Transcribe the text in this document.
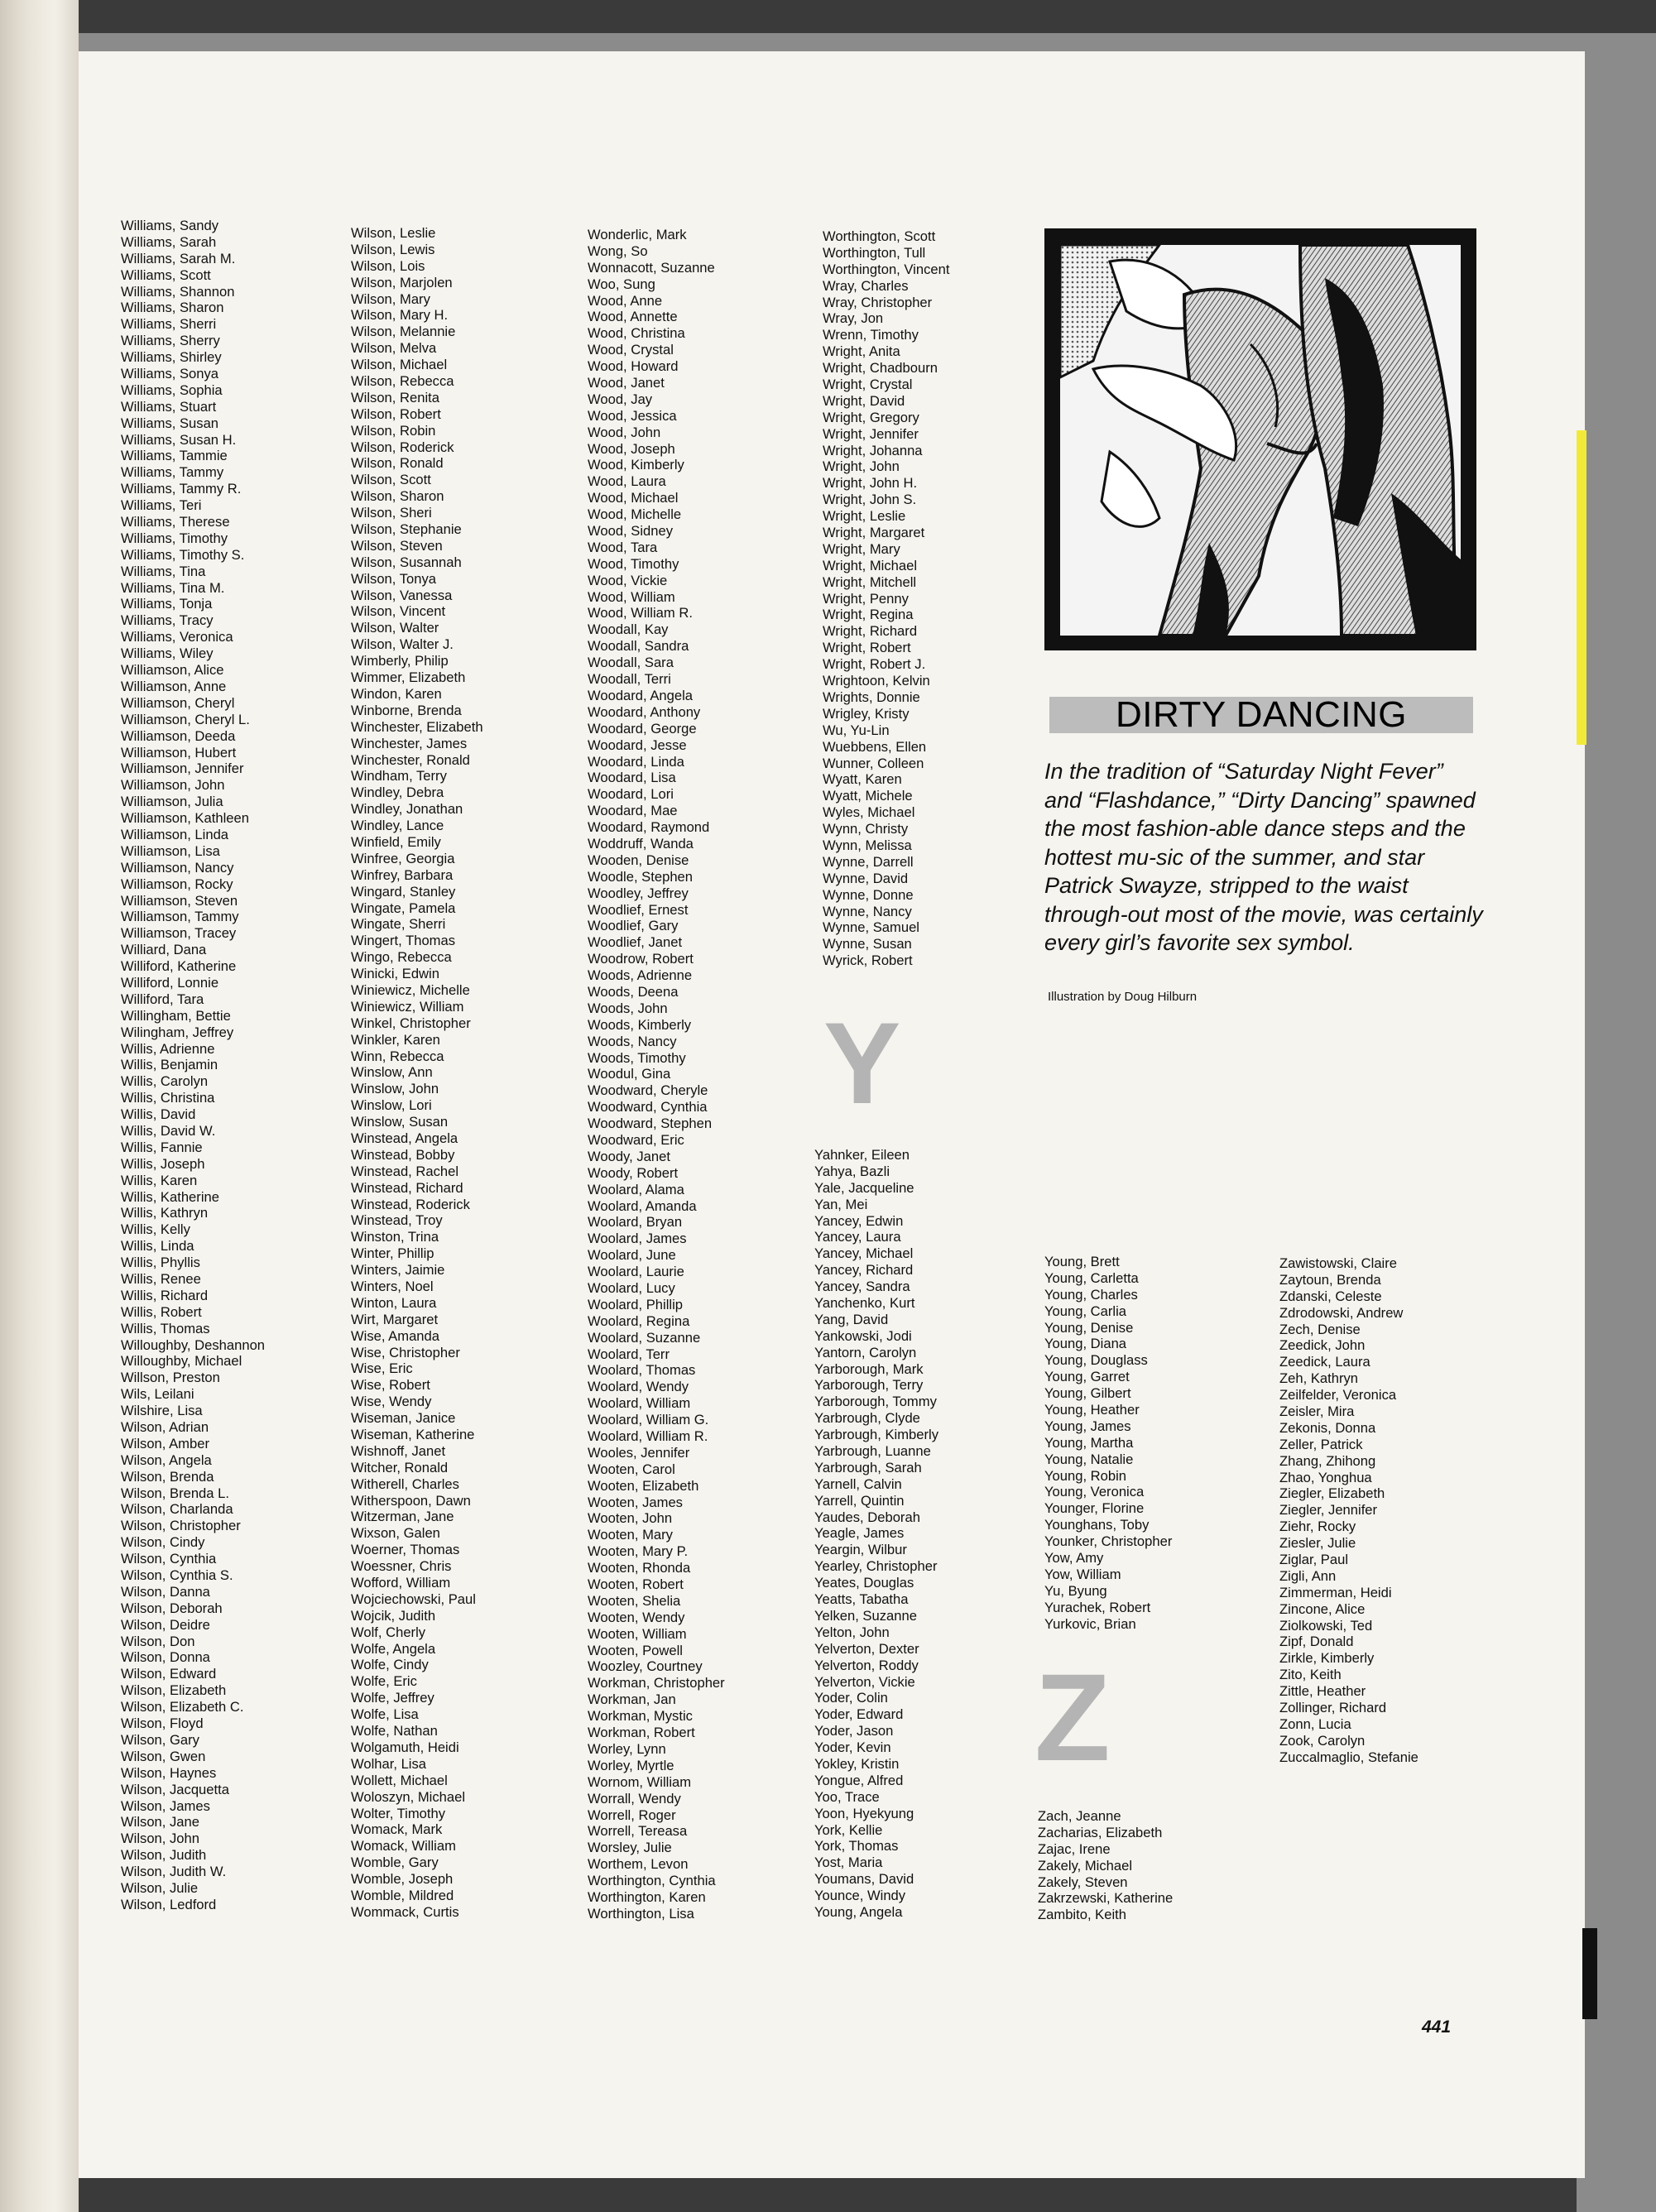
Williams, Sandy
Williams, Sarah
Williams, Sarah M.
Williams, Scott
Williams, Shannon
Williams, Sharon
Williams, Sherri
Williams, Sherry
Williams, Shirley
Williams, Sonya
Williams, Sophia
Williams, Stuart
Williams, Susan
Williams, Susan H.
Williams, Tammie
Williams, Tammy
Williams, Tammy R.
Williams, Teri
Williams, Therese
Williams, Timothy
Williams, Timothy S.
Williams, Tina
Williams, Tina M.
Williams, Tonja
Williams, Tracy
Williams, Veronica
Williams, Wiley
Williamson, Alice
Williamson, Anne
Williamson, Cheryl
Williamson, Cheryl L.
Williamson, Deeda
Williamson, Hubert
Williamson, Jennifer
Williamson, John
Williamson, Julia
Williamson, Kathleen
Williamson, Linda
Williamson, Lisa
Williamson, Nancy
Williamson, Rocky
Williamson, Steven
Williamson, Tammy
Williamson, Tracey
Williard, Dana
Williford, Katherine
Williford, Lonnie
Williford, Tara
Willingham, Bettie
Wilingham, Jeffrey
Willis, Adrienne
Willis, Benjamin
Willis, Carolyn
Willis, Christina
Willis, David
Willis, David W.
Willis, Fannie
Willis, Joseph
Willis, Karen
Willis, Katherine
Willis, Kathryn
Willis, Kelly
Willis, Linda
Willis, Phyllis
Willis, Renee
Willis, Richard
Willis, Robert
Willis, Thomas
Willoughby, Deshannon
Willoughby, Michael
Willson, Preston
Wils, Leilani
Wilshire, Lisa
Wilson, Adrian
Wilson, Amber
Wilson, Angela
Wilson, Brenda
Wilson, Brenda L.
Wilson, Charlanda
Wilson, Christopher
Wilson, Cindy
Wilson, Cynthia
Wilson, Cynthia S.
Wilson, Danna
Wilson, Deborah
Wilson, Deidre
Wilson, Don
Wilson, Donna
Wilson, Edward
Wilson, Elizabeth
Wilson, Elizabeth C.
Wilson, Floyd
Wilson, Gary
Wilson, Gwen
Wilson, Haynes
Wilson, Jacquetta
Wilson, James
Wilson, Jane
Wilson, John
Wilson, Judith
Wilson, Judith W.
Wilson, Julie
Wilson, Ledford
Wilson, Leslie
Wilson, Lewis
Wilson, Lois
Wilson, Marjolen
Wilson, Mary
Wilson, Mary H.
Wilson, Melannie
Wilson, Melva
Wilson, Michael
Wilson, Rebecca
Wilson, Renita
Wilson, Robert
Wilson, Robin
Wilson, Roderick
Wilson, Ronald
Wilson, Scott
Wilson, Sharon
Wilson, Sheri
Wilson, Stephanie
Wilson, Steven
Wilson, Susannah
Wilson, Tonya
Wilson, Vanessa
Wilson, Vincent
Wilson, Walter
Wilson, Walter J.
Wimberly, Philip
Wimmer, Elizabeth
Windon, Karen
Winborne, Brenda
Winchester, Elizabeth
Winchester, James
Winchester, Ronald
Windham, Terry
Windley, Debra
Windley, Jonathan
Windley, Lance
Winfield, Emily
Winfree, Georgia
Winfrey, Barbara
Wingard, Stanley
Wingate, Pamela
Wingate, Sherri
Wingert, Thomas
Wingo, Rebecca
Winicki, Edwin
Winiewicz, Michelle
Winiewicz, William
Winkel, Christopher
Winkler, Karen
Winn, Rebecca
Winslow, Ann
Winslow, John
Winslow, Lori
Winslow, Susan
Winstead, Angela
Winstead, Bobby
Winstead, Rachel
Winstead, Richard
Winstead, Roderick
Winstead, Troy
Winston, Trina
Winter, Phillip
Winters, Jaimie
Winters, Noel
Winton, Laura
Wirt, Margaret
Wise, Amanda
Wise, Christopher
Wise, Eric
Wise, Robert
Wise, Wendy
Wiseman, Janice
Wiseman, Katherine
Wishnoff, Janet
Witcher, Ronald
Witherell, Charles
Witherspoon, Dawn
Witzerman, Jane
Wixson, Galen
Woerner, Thomas
Woessner, Chris
Wofford, William
Wojciechowski, Paul
Wojcik, Judith
Wolf, Cherly
Wolfe, Angela
Wolfe, Cindy
Wolfe, Eric
Wolfe, Jeffrey
Wolfe, Lisa
Wolfe, Nathan
Wolgamuth, Heidi
Wolhar, Lisa
Wollett, Michael
Woloszyn, Michael
Wolter, Timothy
Womack, Mark
Womack, William
Womble, Gary
Womble, Joseph
Womble, Mildred
Wommack, Curtis
Wonderlic, Mark
Wong, So
Wonnacott, Suzanne
Woo, Sung
Wood, Anne
Wood, Annette
Wood, Christina
Wood, Crystal
Wood, Howard
Wood, Janet
Wood, Jay
Wood, Jessica
Wood, John
Wood, Joseph
Wood, Kimberly
Wood, Laura
Wood, Michael
Wood, Michelle
Wood, Sidney
Wood, Tara
Wood, Timothy
Wood, Vickie
Wood, William
Wood, William R.
Woodall, Kay
Woodall, Sandra
Woodall, Sara
Woodall, Terri
Woodard, Angela
Woodard, Anthony
Woodard, George
Woodard, Jesse
Woodard, Linda
Woodard, Lisa
Woodard, Lori
Woodard, Mae
Woodard, Raymond
Woddruff, Wanda
Wooden, Denise
Woodle, Stephen
Woodley, Jeffrey
Woodlief, Ernest
Woodlief, Gary
Woodlief, Janet
Woodrow, Robert
Woods, Adrienne
Woods, Deena
Woods, John
Woods, Kimberly
Woods, Nancy
Woods, Timothy
Woodul, Gina
Woodward, Cheryle
Woodward, Cynthia
Woodward, Stephen
Woodward, Eric
Woody, Janet
Woody, Robert
Woolard, Alama
Woolard, Amanda
Woolard, Bryan
Woolard, James
Woolard, June
Woolard, Laurie
Woolard, Lucy
Woolard, Phillip
Woolard, Regina
Woolard, Suzanne
Woolard, Terr
Woolard, Thomas
Woolard, Wendy
Woolard, William
Woolard, William G.
Woolard, William R.
Wooles, Jennifer
Wooten, Carol
Wooten, Elizabeth
Wooten, James
Wooten, John
Wooten, Mary
Wooten, Mary P.
Wooten, Rhonda
Wooten, Robert
Wooten, Shelia
Wooten, Wendy
Wooten, William
Wooten, Powell
Woozley, Courtney
Workman, Christopher
Workman, Jan
Workman, Mystic
Workman, Robert
Worley, Lynn
Worley, Myrtle
Wornom, William
Worrall, Wendy
Worrell, Roger
Worrell, Tereasa
Worsley, Julie
Worthem, Levon
Worthington, Cynthia
Worthington, Karen
Worthington, Lisa
Worthington, Scott
Worthington, Tull
Worthington, Vincent
Wray, Charles
Wray, Christopher
Wray, Jon
Wrenn, Timothy
Wright, Anita
Wright, Chadbourn
Wright, Crystal
Wright, David
Wright, Gregory
Wright, Jennifer
Wright, Johanna
Wright, John
Wright, John H.
Wright, John S.
Wright, Leslie
Wright, Margaret
Wright, Mary
Wright, Michael
Wright, Mitchell
Wright, Penny
Wright, Regina
Wright, Richard
Wright, Robert
Wright, Robert J.
Wrightoon, Kelvin
Wrights, Donnie
Wrigley, Kristy
Wu, Yu-Lin
Wuebbens, Ellen
Wunner, Colleen
Wyatt, Karen
Wyatt, Michele
Wyles, Michael
Wynn, Christy
Wynn, Melissa
Wynne, Darrell
Wynne, David
Wynne, Donne
Wynne, Nancy
Wynne, Samuel
Wynne, Susan
Wyrick, Robert
Y
Yahnker, Eileen
Yahya, Bazli
Yale, Jacqueline
Yan, Mei
Yancey, Edwin
Yancey, Laura
Yancey, Michael
Yancey, Richard
Yancey, Sandra
Yanchenko, Kurt
Yang, David
Yankowski, Jodi
Yantorn, Carolyn
Yarborough, Mark
Yarborough, Terry
Yarborough, Tommy
Yarbrough, Clyde
Yarbrough, Kimberly
Yarbrough, Luanne
Yarbrough, Sarah
Yarnell, Calvin
Yarrell, Quintin
Yaudes, Deborah
Yeagle, James
Yeargin, Wilbur
Yearley, Christopher
Yeates, Douglas
Yeatts, Tabatha
Yelken, Suzanne
Yelton, John
Yelverton, Dexter
Yelverton, Roddy
Yelverton, Vickie
Yoder, Colin
Yoder, Edward
Yoder, Jason
Yoder, Kevin
Yokley, Kristin
Yongue, Alfred
Yoo, Trace
Yoon, Hyekyung
York, Kellie
York, Thomas
Yost, Maria
Youmans, David
Younce, Windy
Young, Angela
Young, Brett
Young, Carletta
Young, Charles
Young, Carlia
Young, Denise
Young, Diana
Young, Douglass
Young, Garret
Young, Gilbert
Young, Heather
Young, James
Young, Martha
Young, Natalie
Young, Robin
Young, Veronica
Younger, Florine
Younghans, Toby
Younker, Christopher
Yow, Amy
Yow, William
Yu, Byung
Yurachek, Robert
Yurkovic, Brian
Z
Zach, Jeanne
Zacharias, Elizabeth
Zajac, Irene
Zakely, Michael
Zakely, Steven
Zakrzewski, Katherine
Zambito, Keith
Zawistowski, Claire
Zaytoun, Brenda
Zdanski, Celeste
Zdrodowski, Andrew
Zech, Denise
Zeedick, John
Zeedick, Laura
Zeh, Kathryn
Zeilfelder, Veronica
Zeisler, Mira
Zekonis, Donna
Zeller, Patrick
Zhang, Zhihong
Zhao, Yonghua
Ziegler, Elizabeth
Ziegler, Jennifer
Ziehr, Rocky
Ziesler, Julie
Ziglar, Paul
Zigli, Ann
Zimmerman, Heidi
Zincone, Alice
Ziolkowski, Ted
Zipf, Donald
Zirkle, Kimberly
Zito, Keith
Zittle, Heather
Zollinger, Richard
Zonn, Lucia
Zook, Carolyn
Zuccalmaglio, Stefanie
DIRTY DANCING
In the tradition of “Saturday Night Fever” and “Flashdance,” “Dirty Dancing” spawned the most fashion-able dance steps and the hottest mu-sic of the summer, and star Patrick Swayze, stripped to the waist through-out most of the movie, was certainly every girl’s favorite sex symbol.
Illustration by Doug Hilburn
441
